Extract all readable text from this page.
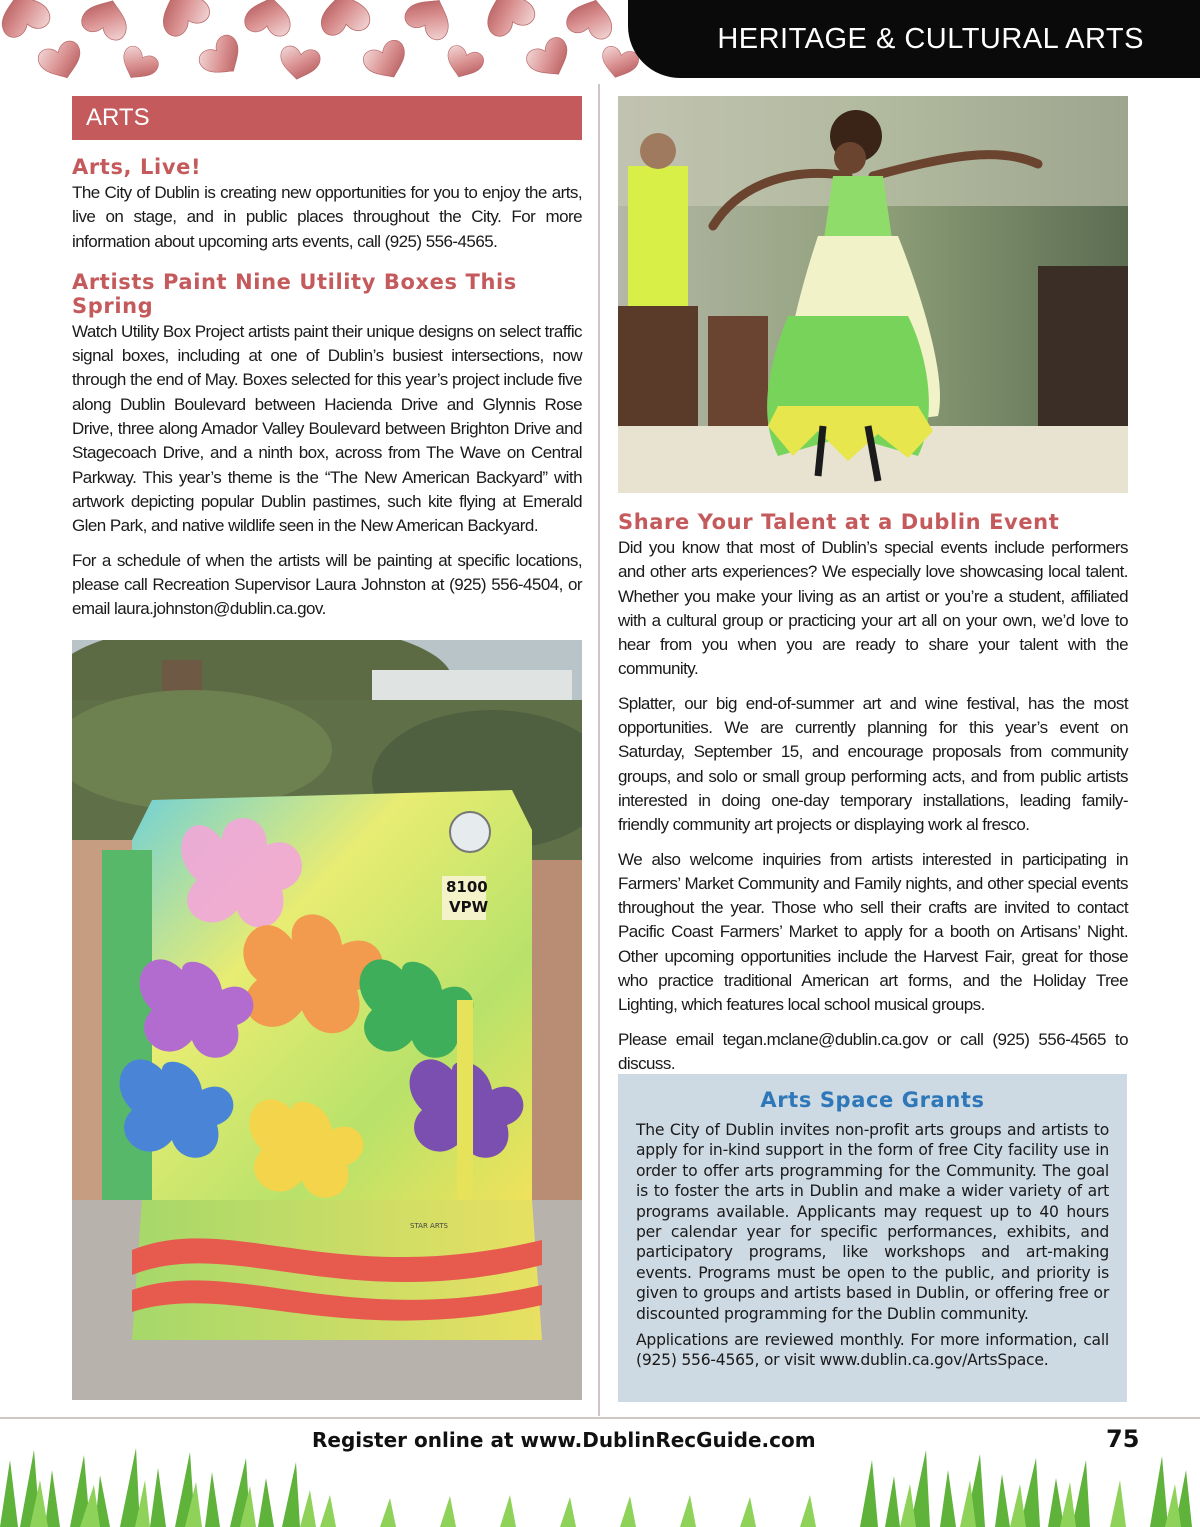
HERITAGE & CULTURAL ARTS
ARTS
Arts, Live!

The City of Dublin is creating new opportunities for you to enjoy the arts, live on stage, and in public places throughout the City. For more information about upcoming arts events, call (925) 556-4565.

Artists Paint Nine Utility Boxes This Spring

Watch Utility Box Project artists paint their unique designs on select traffic signal boxes, including at one of Dublin’s busiest intersections, now through the end of May. Boxes selected for this year’s project include five along Dublin Boulevard between Hacienda Drive and Glynnis Rose Drive, three along Amador Valley Boulevard between Brighton Drive and Stagecoach Drive, and a ninth box, across from The Wave on Central Parkway. This year’s theme is the “The New American Backyard” with artwork depicting popular Dublin pastimes, such kite flying at Emerald Glen Park, and native wildlife seen in the New American Backyard.

For a schedule of when the artists will be painting at specific locations, please call Recreation Supervisor Laura Johnston at (925) 556-4504, or email laura.johnston@dublin.ca.gov.

8100
VPW
STAR ARTS
Share Your Talent at a Dublin Event

Did you know that most of Dublin’s special events include performers and other arts experiences? We especially love showcasing local talent. Whether you make your living as an artist or you’re a student, affiliated with a cultural group or practicing your art all on your own, we’d love to hear from you when you are ready to share your talent with the community.

Splatter, our big end-of-summer art and wine festival, has the most opportunities. We are currently planning for this year’s event on Saturday, September 15, and encourage proposals from community groups, and solo or small group performing acts, and from public artists interested in doing one-day temporary installations, leading family-friendly community art projects or displaying work al fresco.

We also welcome inquiries from artists interested in participating in Farmers’ Market Community and Family nights, and other special events throughout the year. Those who sell their crafts are invited to contact Pacific Coast Farmers’ Market to apply for a booth on Artisans’ Night. Other upcoming opportunities include the Harvest Fair, great for those who practice traditional American art forms, and the Holiday Tree Lighting, which features local school musical groups.

Please email tegan.mclane@dublin.ca.gov or call (925) 556-4565 to discuss.

Arts Space Grants

The City of Dublin invites non-profit arts groups and artists to apply for in-kind support in the form of free City facility use in order to offer arts programming for the Community. The goal is to foster the arts in Dublin and make a wider variety of art programs available. Applicants may request up to 40 hours per calendar year for specific performances, exhibits, and participatory programs, like workshops and art-making events. Programs must be open to the public, and priority is given to groups and artists based in Dublin, or offering free or discounted programming for the Dublin community.

Applications are reviewed monthly. For more information, call (925) 556-4565, or visit www.dublin.ca.gov/ArtsSpace.

Register online at www.DublinRecGuide.com	75
